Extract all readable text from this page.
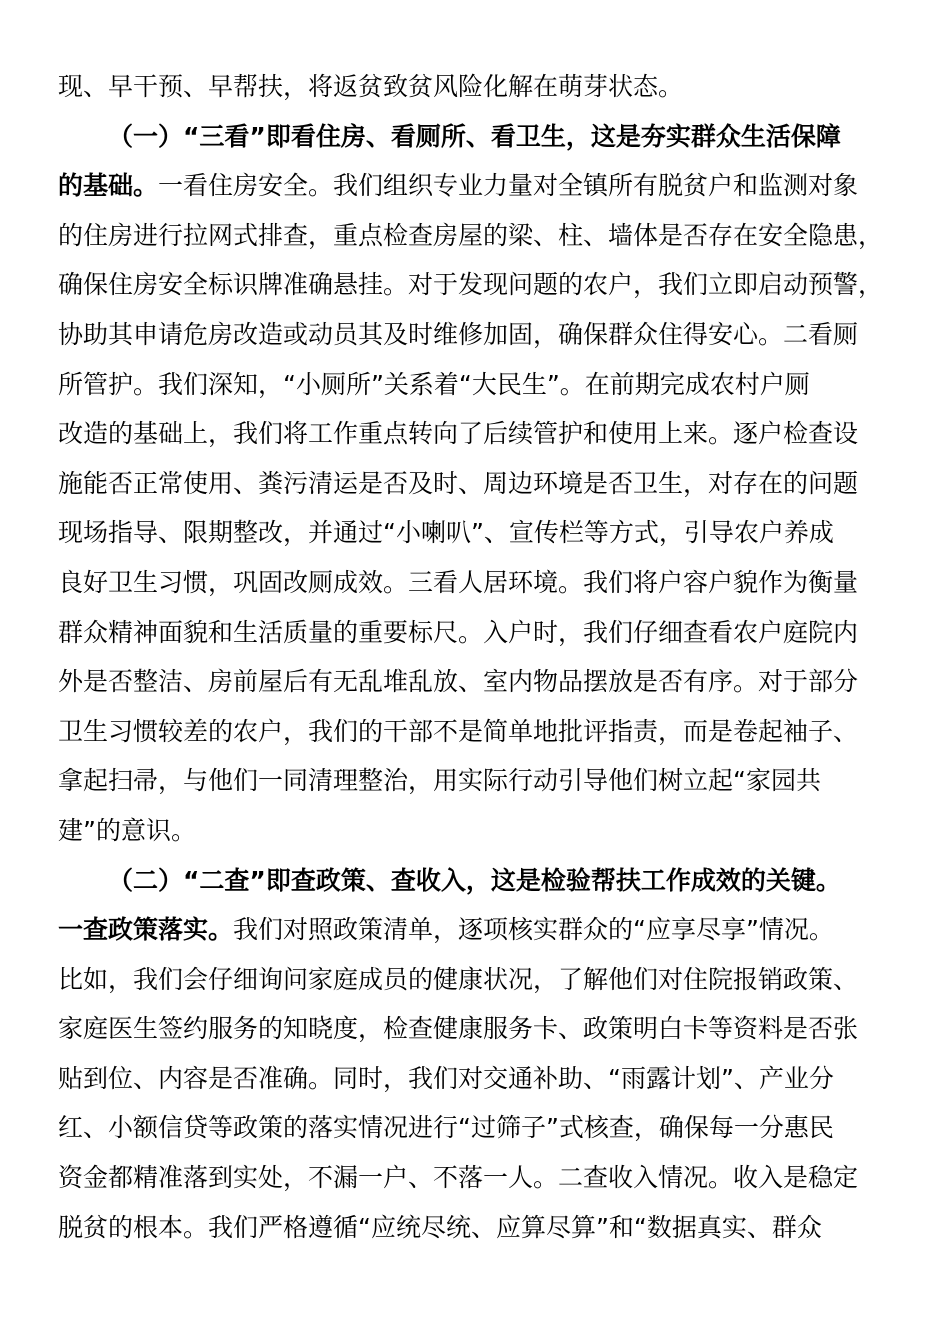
现、早干预、早帮扶，将返贫致贫风险化解在萌芽状态。
（一）“三看”即看住房、看厕所、看卫生，这是夯实群众生活保障
的基础。一看住房安全。我们组织专业力量对全镇所有脱贫户和监测对象
的住房进行拉网式排查，重点检查房屋的梁、柱、墙体是否存在安全隐患，
确保住房安全标识牌准确悬挂。对于发现问题的农户，我们立即启动预警，
协助其申请危房改造或动员其及时维修加固，确保群众住得安心。二看厕
所管护。我们深知，“小厕所”关系着“大民生”。在前期完成农村户厕
改造的基础上，我们将工作重点转向了后续管护和使用上来。逐户检查设
施能否正常使用、粪污清运是否及时、周边环境是否卫生，对存在的问题
现场指导、限期整改，并通过“小喇叭”、宣传栏等方式，引导农户养成
良好卫生习惯，巩固改厕成效。三看人居环境。我们将户容户貌作为衡量
群众精神面貌和生活质量的重要标尺。入户时，我们仔细查看农户庭院内
外是否整洁、房前屋后有无乱堆乱放、室内物品摆放是否有序。对于部分
卫生习惯较差的农户，我们的干部不是简单地批评指责，而是卷起袖子、
拿起扫帚，与他们一同清理整治，用实际行动引导他们树立起“家园共
建”的意识。
（二）“二查”即查政策、查收入，这是检验帮扶工作成效的关键。
一查政策落实。我们对照政策清单，逐项核实群众的“应享尽享”情况。
比如，我们会仔细询问家庭成员的健康状况，了解他们对住院报销政策、
家庭医生签约服务的知晓度，检查健康服务卡、政策明白卡等资料是否张
贴到位、内容是否准确。同时，我们对交通补助、“雨露计划”、产业分
红、小额信贷等政策的落实情况进行“过筛子”式核查，确保每一分惠民
资金都精准落到实处，不漏一户、不落一人。二查收入情况。收入是稳定
脱贫的根本。我们严格遵循“应统尽统、应算尽算”和“数据真实、群众
